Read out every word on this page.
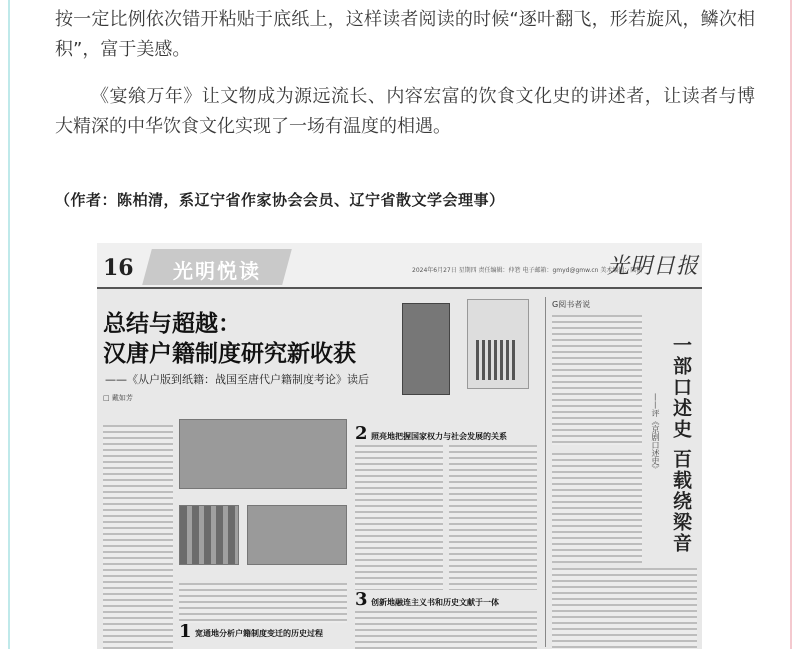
按一定比例依次错开粘贴于底纸上，这样读者阅读的时候“逐叶翻飞，形若旋风，鳞次相积”，富于美感。

《宴飨万年》让文物成为源远流长、内容宏富的饮食文化史的讲述者，让读者与博大精深的中华饮食文化实现了一场有温度的相遇。

（作者：陈柏清，系辽宁省作家协会会员、辽宁省散文学会理事）

16 光明悦读	2024年6月27日 星期四 责任编辑：仲箬 电子邮箱：gmyd@gmw.cn 美术编辑：陆楣
光明日报
总结与超越：
汉唐户籍制度研究新收获
——《从户版到纸籍：战国至唐代户籍制度考论》读后
□ 戴如芳
1 宽通地分析户籍制度变迁的历史过程
2 照亮地把握国家权力与社会发展的关系
3 创新地融连主义书和历史文献于一体
G阅书者说
一部口述史 百载绕梁音
——评《京剧口述史》
